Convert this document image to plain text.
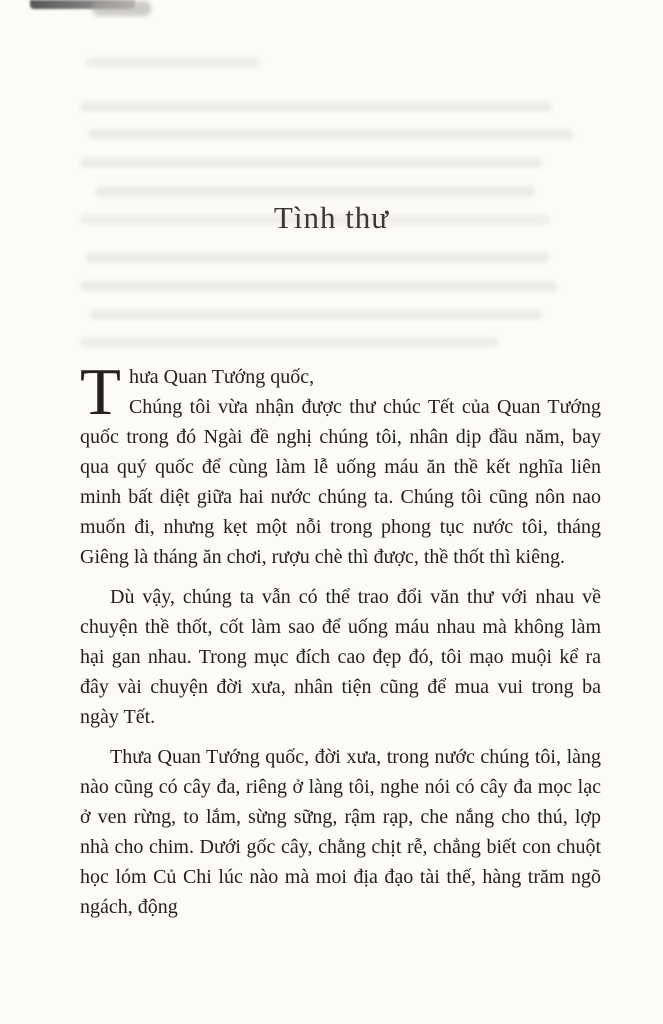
Tình thư

T hưa Quan Tướng quốc,
Chúng tôi vừa nhận được thư chúc Tết của Quan Tướng quốc trong đó Ngài đề nghị chúng tôi, nhân dịp đầu năm, bay qua quý quốc để cùng làm lễ uống máu ăn thề kết nghĩa liên minh bất diệt giữa hai nước chúng ta. Chúng tôi cũng nôn nao muốn đi, nhưng kẹt một nỗi trong phong tục nước tôi, tháng Giêng là tháng ăn chơi, rượu chè thì được, thề thốt thì kiêng.

Dù vậy, chúng ta vẫn có thể trao đổi văn thư với nhau về chuyện thề thốt, cốt làm sao để uống máu nhau mà không làm hại gan nhau. Trong mục đích cao đẹp đó, tôi mạo muội kể ra đây vài chuyện đời xưa, nhân tiện cũng để mua vui trong ba ngày Tết.

Thưa Quan Tướng quốc, đời xưa, trong nước chúng tôi, làng nào cũng có cây đa, riêng ở làng tôi, nghe nói có cây đa mọc lạc ở ven rừng, to lắm, sừng sững, rậm rạp, che nắng cho thú, lợp nhà cho chim. Dưới gốc cây, chằng chịt rễ, chẳng biết con chuột học lóm Củ Chi lúc nào mà moi địa đạo tài thế, hàng trăm ngõ ngách, động
